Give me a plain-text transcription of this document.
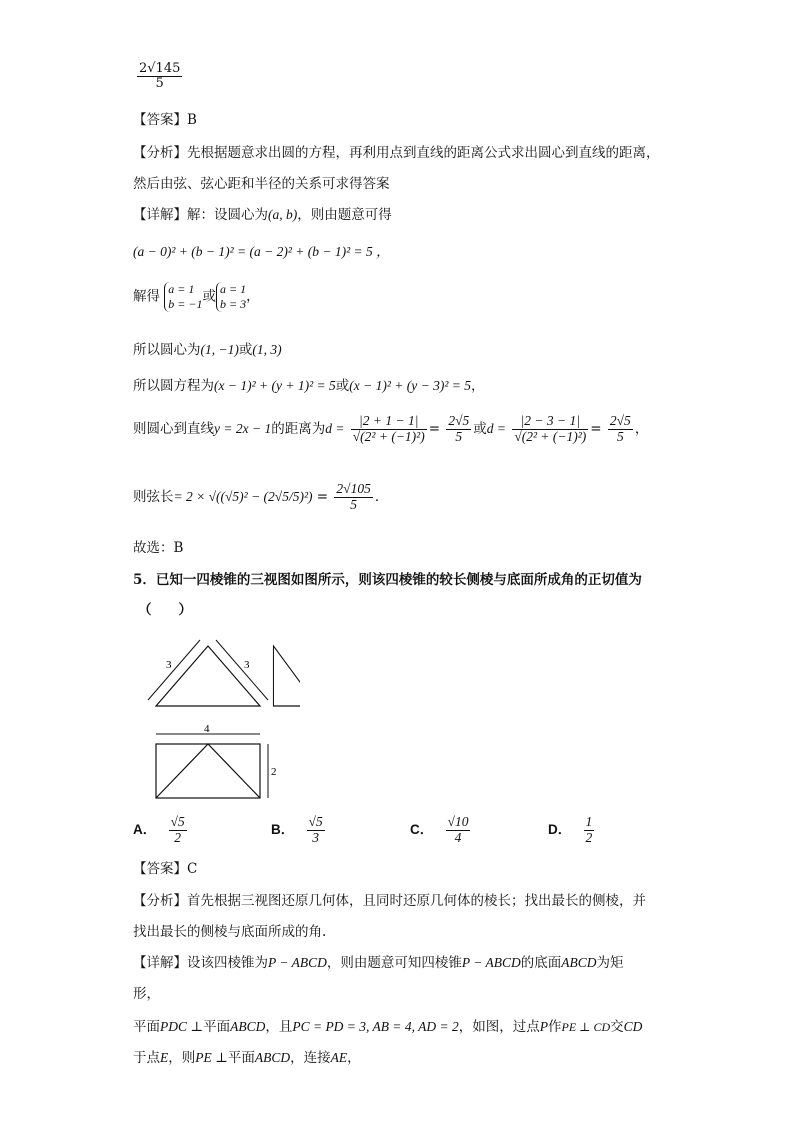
$\frac{2√145}{5}$
【答案】B
【分析】先根据题意求出圆的方程，再利用点到直线的距离公式求出圆心到直线的距离，
然后由弦、弦心距和半径的关系可求得答案
【详解】解：设圆心为(a, b)，则由题意可得
(a − 0)² + (b − 1)² = (a − 2)² + (b − 1)² = 5 ，
解得 a = 1
b = −1或 a = 1
b = 3，
所以圆心为(1, −1)或(1, 3)
所以圆方程为(x − 1)² + (y + 1)² = 5或(x − 1)² + (y − 3)² = 5，
则圆心到直线y = 2x − 1的距离为$d = \frac{|2 + 1 - 1|}{\text{√(2² + (−1)²)}} = \frac{2√5}{5}$ 或$d = \frac{|2 - 3 - 1|}{\text{√(2² + (−1)²)}} = \frac{2√5}{5}$ ，
则弦长= $2 \times √((√5)^2 - (2√5/5)^2) = \frac{2√105}{5}$ ．
故选：B
5．已知一四棱锥的三视图如图所示，则该四棱锥的较长侧棱与底面所成角的正切值为
（　　）
3	3
4
2
A． $\frac{√5}{2}$	B． $\frac{√5}{3}$	C． $\frac{√10}{4}$	D． $\frac{1}{2}$
【答案】C
【分析】首先根据三视图还原几何体，且同时还原几何体的棱长；找出最长的侧棱，并
找出最长的侧棱与底面所成的角.
【详解】设该四棱锥为P − ABCD，则由题意可知四棱锥P − ABCD的底面ABCD为矩
形，
平面PDC ⊥平面ABCD，且PC = PD = 3, AB = 4, AD = 2，如图，过点P作PE ⊥ CD交CD
于点E，则PE ⊥平面ABCD，连接AE，
